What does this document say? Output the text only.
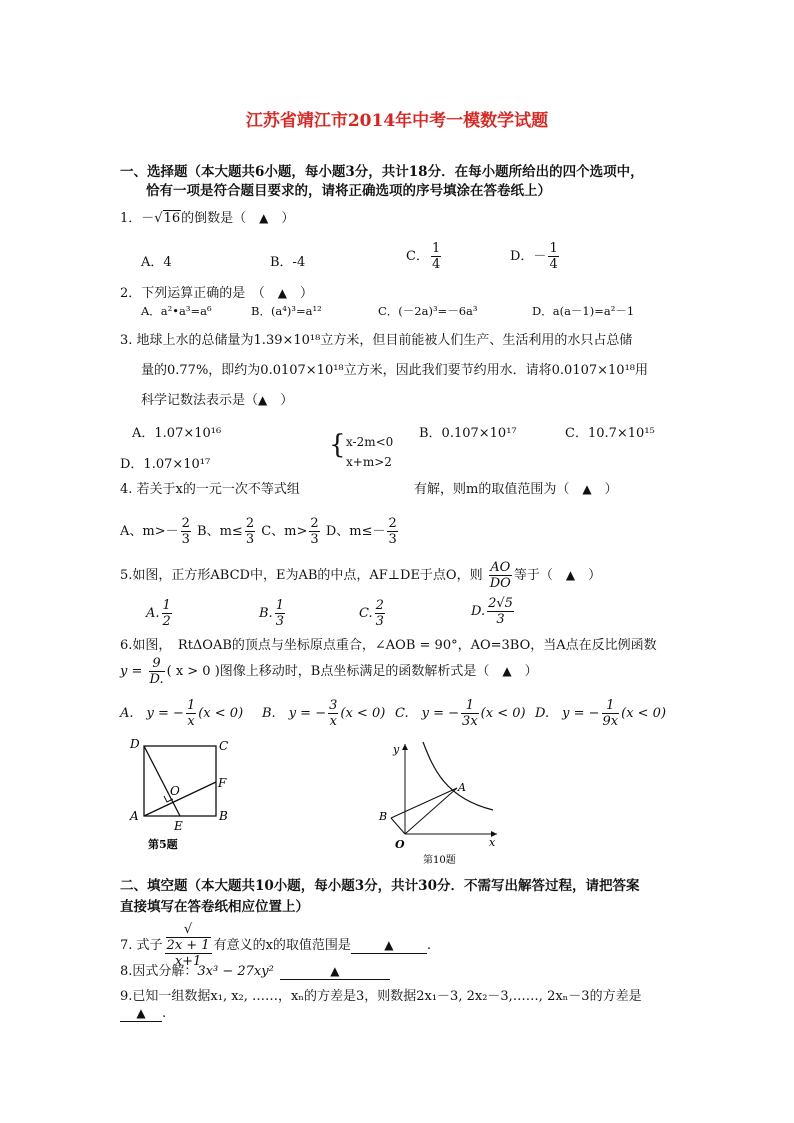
江苏省靖江市2014年中考一模数学试题
一、选择题（本大题共6小题，每小题3分，共计18分．在每小题所给出的四个选项中，
恰有一项是符合题目要求的，请将正确选项的序号填涂在答卷纸上）
1．－√16的倒数是（　 ▲　 ）
A．4	B．-4	C． $\frac{1}{4}$	D．－ $\frac{1}{4}$
2．下列运算正确的是　（　 ▲　 ）
A．a²•a³=a⁶	B．(a⁴)³=a¹²	C．(－2a)³=－6a³	D．a(a－1)=a²－1
3. 地球上水的总储量为1.39×10¹⁸立方米，但目前能被人们生产、生活利用的水只占总储
量的0.77%，即约为0.0107×10¹⁸立方米，因此我们要节约用水．请将0.0107×10¹⁸用
科学记数法表示是（▲　 ）
A．1.07×10¹⁶	B．0.107×10¹⁷	C．10.7×10¹⁵
D．1.07×10¹⁷
{ x-2m<0
x+m>2
4. 若关于x的一元一次不等式组	有解，则m的取值范围为（　 ▲　 ）
A、$m>- \frac{2}{3}$ B、$m\le \frac{2}{3}$ C、$m> \frac{2}{3}$ D、$m\le- \frac{2}{3}$
5.如图，正方形ABCD中，E为AB的中点，AF⊥DE于点O，则 $\frac{AO}{DO}$ 等于（　 ▲　 ）
A. $\frac{1}{2}$	B. $\frac{1}{3}$	C. $\frac{2}{3}$	D. $\frac{2√5}{3}$
6.如图，　RtΔOAB的顶点与坐标原点重合，∠AOB = 90°，AO=3BO，当A点在反比例函数
$y = \frac{9}{D.}$ ( x > 0 )图像上移动时，B点坐标满足的函数解析式是（　 ▲　 ）
A.　 y = − $\frac{1}{x} (x < 0)$ B.　 y = − $\frac{3}{x} (x < 0)$ C.　 y = − $\frac{1}{3x} (x < 0)$ D.　 y = − $\frac{1}{9x} (x < 0)$
D	C
F
O
A	B
E
第5题
y
A
B
O	x
第10题
二、填空题（本大题共10小题，每小题3分，共计30分．不需写出解答过程，请把答案
直接填写在答卷纸相应位置上）
7. 式子 √
2x + 1
x+1 有意义的x的取值范围是	▲	.
8.因式分解：3x³ − 27xy²	▲
9.已知一组数据x₁, x₂, ……，xₙ的方差是3，则数据2x₁－3, 2x₂－3,……, 2xₙ－3的方差是
▲ .
